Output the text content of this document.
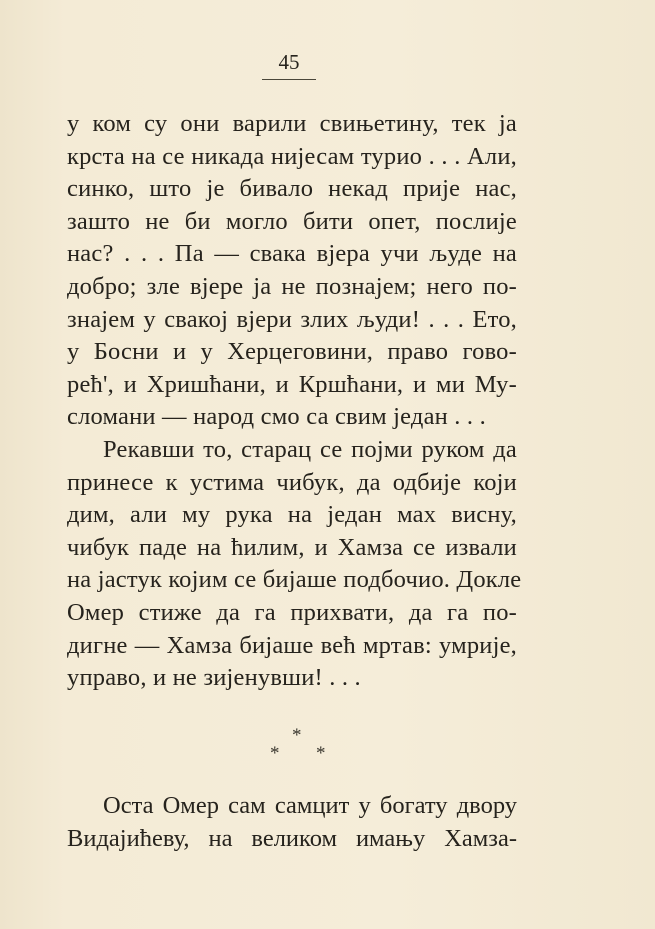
45
у ком су они варили свињетину, тек ја
крста на се никада нијесам турио . . . Али,
синко, што је бивало некад прије нас,
зашто не би могло бити опет, послије
нас? . . . Па — свака вјера учи људе на
добро; зле вјере ја не познајем; него по-
знајем у свакој вјери злих људи! . . . Ето,
у Босни и у Херцеговини, право гово-
рећ', и Хришћани, и Кршћани, и ми Му-
сломани — народ смо са свим један . . .
Рекавши то, старац се појми руком да
принесе к устима чибук, да одбије који
дим, али му рука на један мах висну,
чибук паде на ћилим, и Хамза се извали
на јастук којим се бијаше подбочио. Докле
Омер стиже да га прихвати, да га по-
дигне — Хамза бијаше већ мртав: умрије,
управо, и не зијенувши! . . .
*
* *
Оста Омер сам самцит у богату двору
Видајићеву, на великом имању Хамза-
